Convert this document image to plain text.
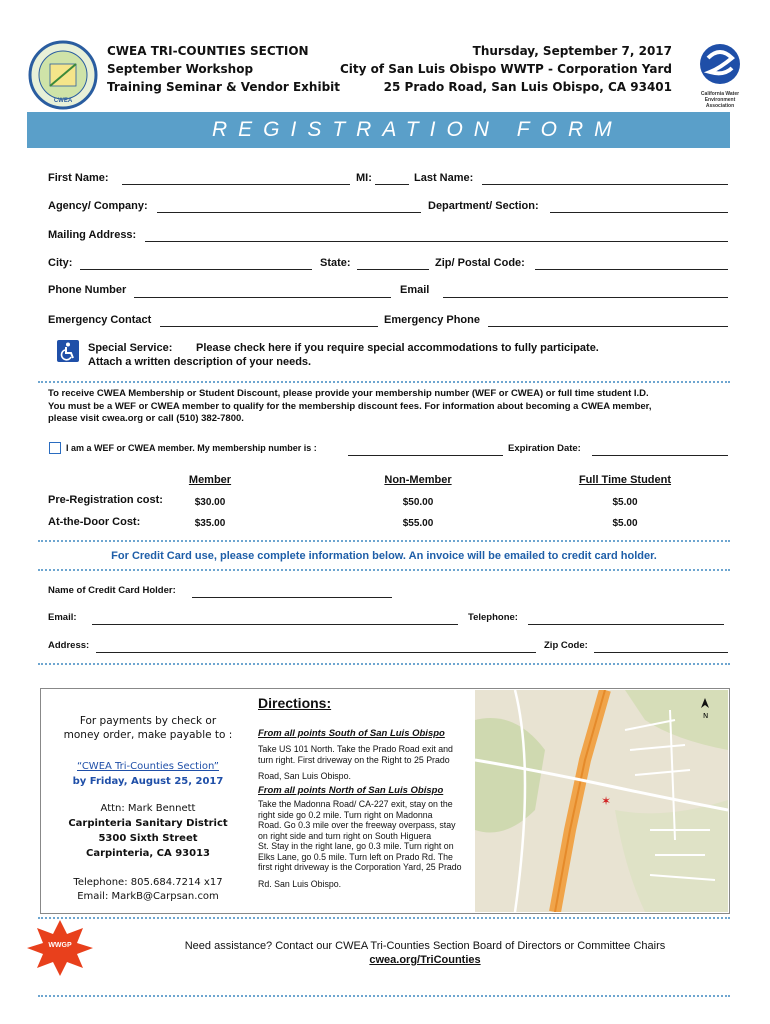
CWEA
CWEA TRI-COUNTIES SECTION
September Workshop
Training Seminar & Vendor Exhibit
Thursday, September 7, 2017
City of San Luis Obispo WWTP - Corporation Yard
25 Prado Road, San Luis Obispo, CA 93401	California Water
Environment
Association
REGISTRATION FORM
First Name:	MI:	Last Name:
Agency/ Company:	Department/ Section:
Mailing Address:
City:	State:	Zip/ Postal Code:
Phone Number	Email
Emergency Contact	Emergency Phone
Special Service: Please check here if you require special accommodations to fully participate.
Attach a written description of your needs.
To receive CWEA Membership or Student Discount, please provide your membership number (WEF or CWEA) or full time student I.D.
You must be a WEF or CWEA member to qualify for the membership discount fees. For information about becoming a CWEA member,
please visit cwea.org or call (510) 382-7800.
I am a WEF or CWEA member. My membership number is :	Expiration Date:
Member	Non-Member	Full Time Student
Pre-Registration cost:	$30.00	$50.00	$5.00
At-the-Door Cost:	$35.00	$55.00	$5.00
For Credit Card use, please complete information below. An invoice will be emailed to credit card holder.
Name of Credit Card Holder:
Email:	Telephone:
Address:	Zip Code:
For payments by check or
money order, make payable to :
“CWEA Tri-Counties Section”
by Friday, August 25, 2017
Attn: Mark Bennett
Carpinteria Sanitary District
5300 Sixth Street
Carpinteria, CA 93013
Telephone: 805.684.7214 x17
Email: MarkB@Carpsan.com
Directions:
From all points South of San Luis Obispo
Take US 101 North. Take the Prado Road exit and
turn right. First driveway on the Right to 25 Prado
Road, San Luis Obispo.
From all points North of San Luis Obispo
Take the Madonna Road/ CA-227 exit, stay on the
right side go 0.2 mile. Turn right on Madonna
Road. Go 0.3 mile over the freeway overpass, stay
on right side and turn right on South Higuera
St. Stay in the right lane, go 0.3 mile. Turn right on
Elks Lane, go 0.5 mile. Turn left on Prado Rd. The
first right driveway is the Corporation Yard, 25 Prado
Rd. San Luis Obispo.
✶
N
WWGP	Need assistance? Contact our CWEA Tri-Counties Section Board of Directors or Committee Chairs
cwea.org/TriCounties
